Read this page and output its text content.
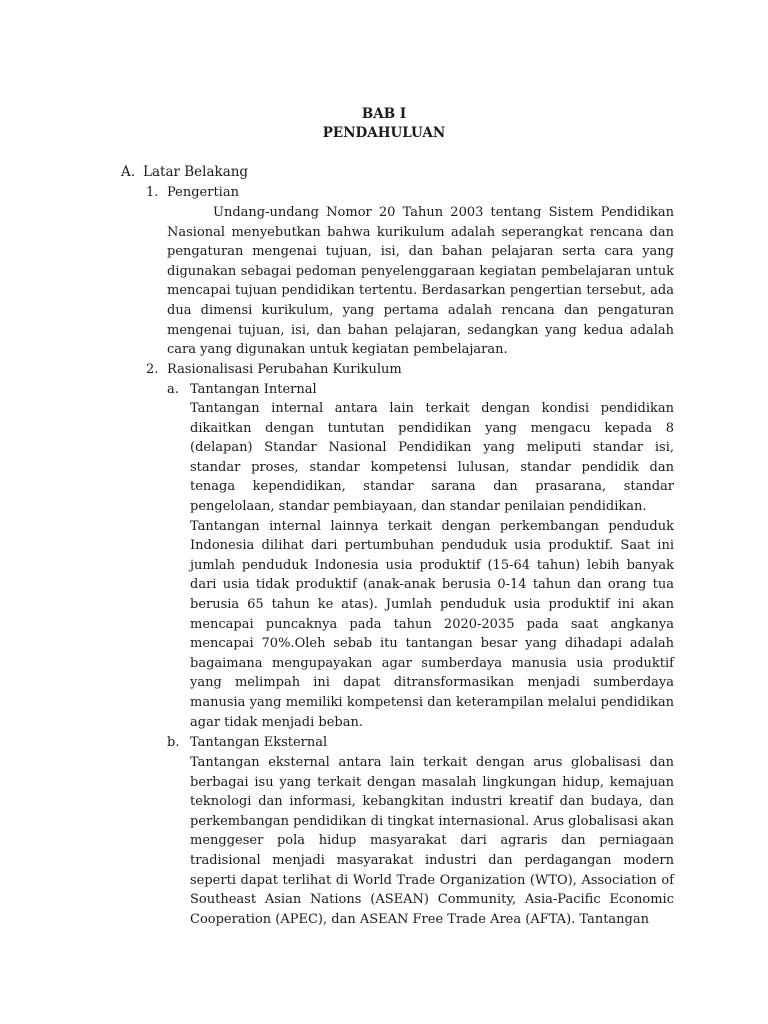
BAB I
PENDAHULUAN
A. Latar Belakang
1. Pengertian

Undang-undang Nomor 20 Tahun 2003 tentang Sistem Pendidikan Nasional menyebutkan bahwa kurikulum adalah seperangkat rencana dan pengaturan mengenai tujuan, isi, dan bahan pelajaran serta cara yang digunakan sebagai pedoman penyelenggaraan kegiatan pembelajaran untuk mencapai tujuan pendidikan tertentu. Berdasarkan pengertian tersebut, ada dua dimensi kurikulum, yang pertama adalah rencana dan pengaturan mengenai tujuan, isi, dan bahan pelajaran, sedangkan yang kedua adalah cara yang digunakan untuk kegiatan pembelajaran.

2. Rasionalisasi Perubahan Kurikulum
a. Tantangan Internal

Tantangan internal antara lain terkait dengan kondisi pendidikan dikaitkan dengan tuntutan pendidikan yang mengacu kepada 8 (delapan) Standar Nasional Pendidikan yang meliputi standar isi, standar proses, standar kompetensi lulusan, standar pendidik dan tenaga kependidikan, standar sarana dan prasarana, standar pengelolaan, standar pembiayaan, dan standar penilaian pendidikan.

Tantangan internal lainnya terkait dengan perkembangan penduduk Indonesia dilihat dari pertumbuhan penduduk usia produktif. Saat ini jumlah penduduk Indonesia usia produktif (15-64 tahun) lebih banyak dari usia tidak produktif (anak-anak berusia 0-14 tahun dan orang tua berusia 65 tahun ke atas). Jumlah penduduk usia produktif ini akan mencapai puncaknya pada tahun 2020-2035 pada saat angkanya mencapai 70%.Oleh sebab itu tantangan besar yang dihadapi adalah bagaimana mengupayakan agar sumberdaya manusia usia produktif yang melimpah ini dapat ditransformasikan menjadi sumberdaya manusia yang memiliki kompetensi dan keterampilan melalui pendidikan agar tidak menjadi beban.

b. Tantangan Eksternal

Tantangan eksternal antara lain terkait dengan arus globalisasi dan berbagai isu yang terkait dengan masalah lingkungan hidup, kemajuan teknologi dan informasi, kebangkitan industri kreatif dan budaya, dan perkembangan pendidikan di tingkat internasional. Arus globalisasi akan menggeser pola hidup masyarakat dari agraris dan perniagaan tradisional menjadi masyarakat industri dan perdagangan modern seperti dapat terlihat di World Trade Organization (WTO), Association of Southeast Asian Nations (ASEAN) Community, Asia-Pacific Economic Cooperation (APEC), dan ASEAN Free Trade Area (AFTA). Tantangan
